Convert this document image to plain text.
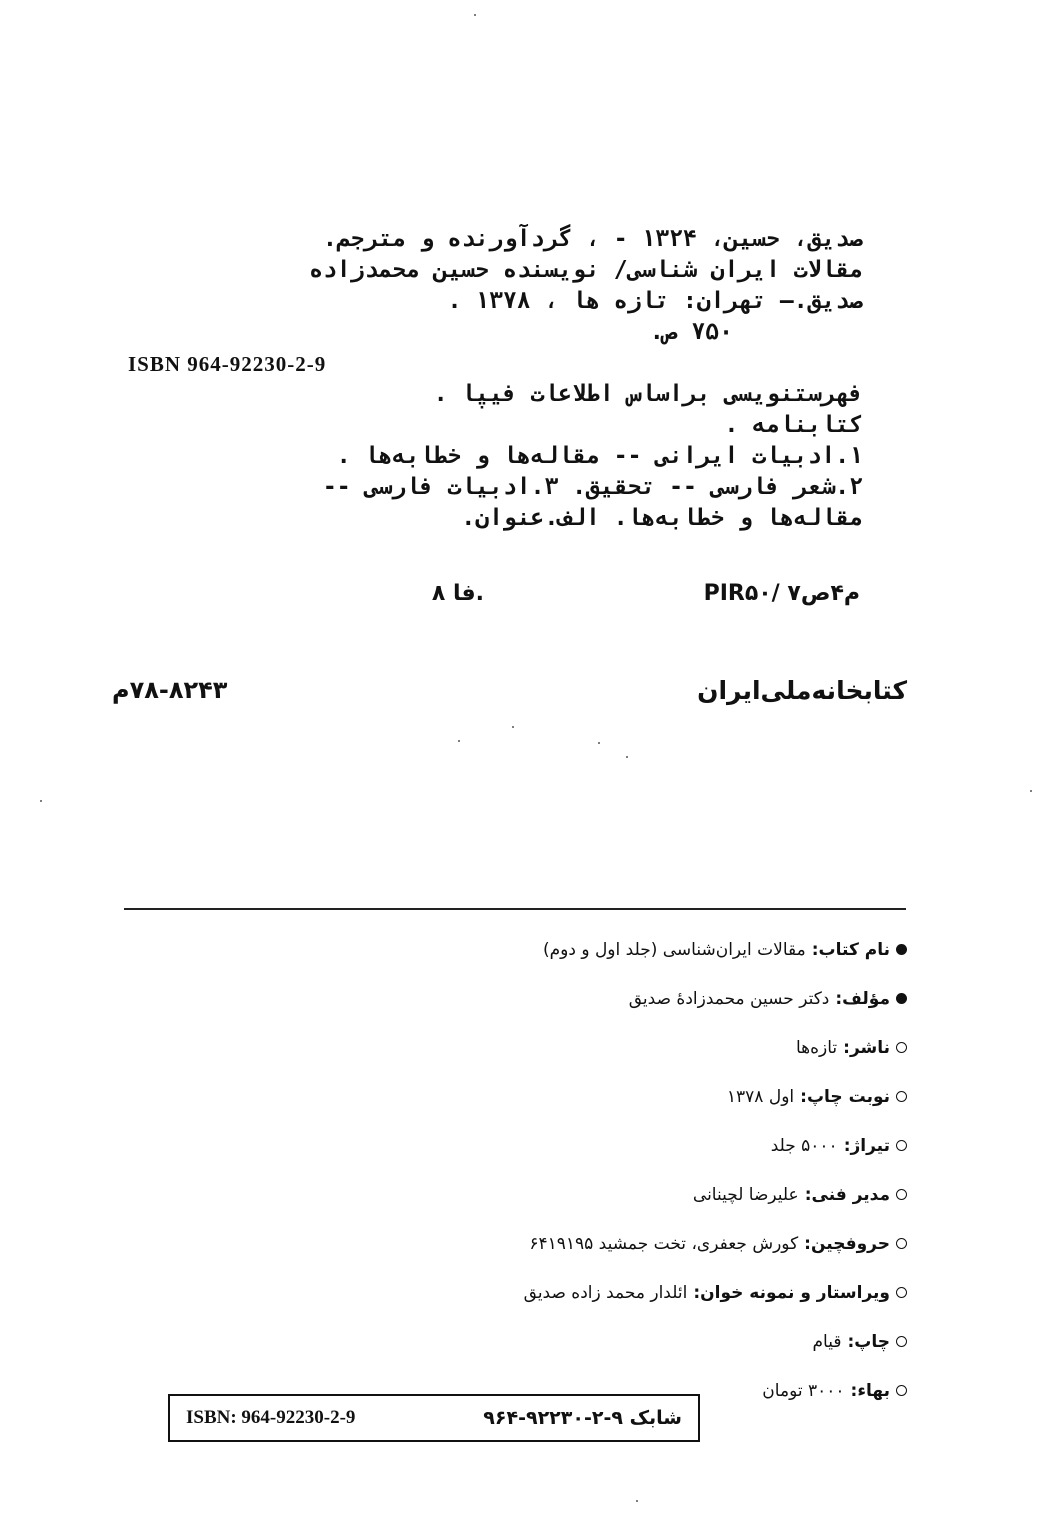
صدیق، حسین، ۱۳۲۴ - ، گردآورنده و مترجم.
مقالات ایران شناسی/ نویسنده حسین محمدزاده
صدیق.— تهران: تازه ها ، ۱۳۷۸ .
۷۵۰ ص.
فهرستنویسی براساس اطلاعات فیپا .
کتابنامه .
۱.ادبیات ایرانی -- مقاله‌ها و خطابه‌ها .
۲.شعر فارسی -- تحقیق. ۳.ادبیات فارسی --
مقاله‌ها و خطابه‌ها. الف.عنوان.
ISBN 964-92230-2-9
PIR۵۰/ م۴ص۷
.فا ۸
کتابخانه‌ملی‌ایران
۷۸-۸۲۴۳م
نام کتاب:
مقالات ایران‌شناسی (جلد اول و دوم)
مؤلف:
دکتر حسین محمدزادهٔ صدیق
ناشر:
تازه‌ها
نوبت چاپ:
اول ۱۳۷۸
تیراژ:
۵۰۰۰ جلد
مدیر فنی:
علیرضا لچینانی
حروفچین:
کورش جعفری، تخت جمشید ۶۴۱۹۱۹۵
ویراستار و نمونه خوان:
ائلدار محمد زاده صدیق
چاپ:
قیام
بهاء:
۳۰۰۰ تومان
ISBN: 964-92230-2-9	شابک ۹-۲-۹۲۲۳۰-۹۶۴
